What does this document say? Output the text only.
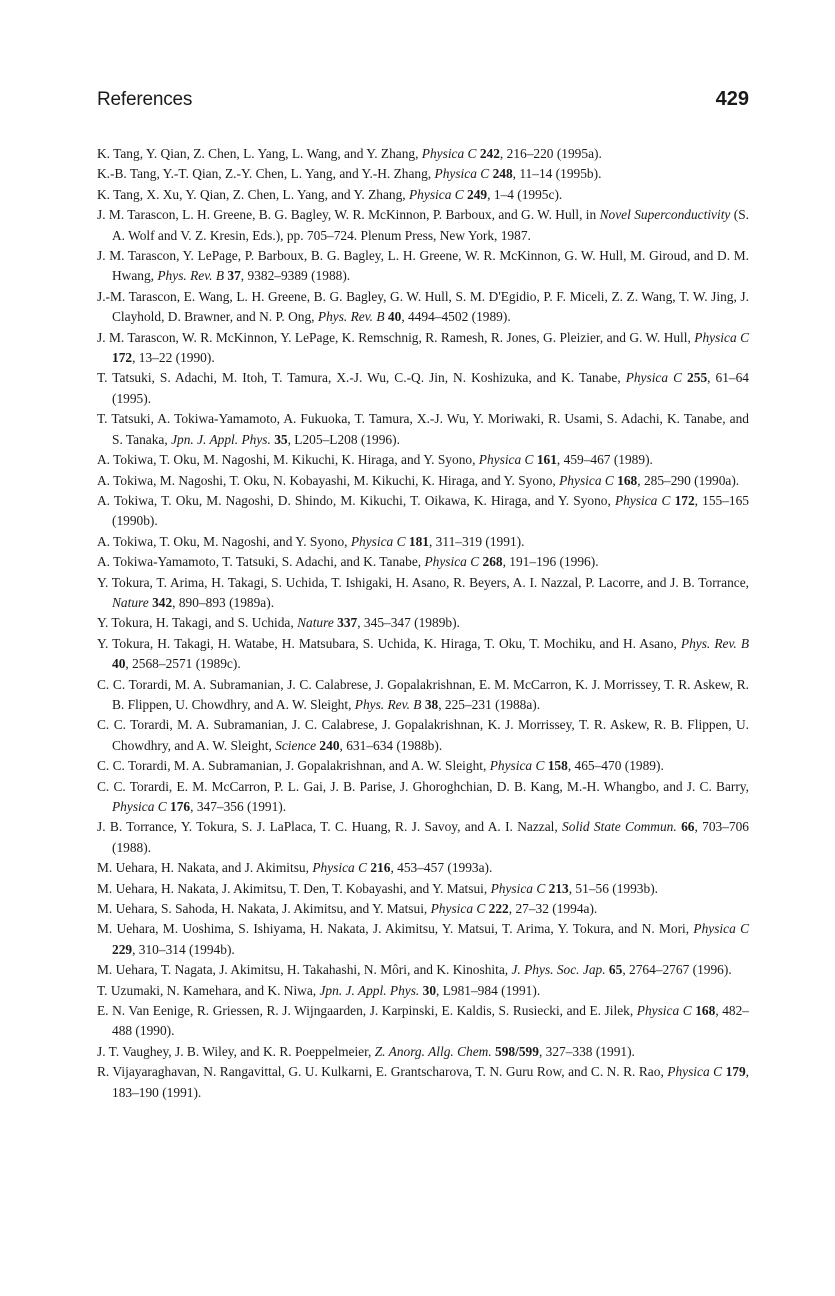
References	429
K. Tang, Y. Qian, Z. Chen, L. Yang, L. Wang, and Y. Zhang, Physica C 242, 216–220 (1995a).
K.-B. Tang, Y.-T. Qian, Z.-Y. Chen, L. Yang, and Y.-H. Zhang, Physica C 248, 11–14 (1995b).
K. Tang, X. Xu, Y. Qian, Z. Chen, L. Yang, and Y. Zhang, Physica C 249, 1–4 (1995c).
J. M. Tarascon, L. H. Greene, B. G. Bagley, W. R. McKinnon, P. Barboux, and G. W. Hull, in Novel Superconductivity (S. A. Wolf and V. Z. Kresin, Eds.), pp. 705–724. Plenum Press, New York, 1987.
J. M. Tarascon, Y. LePage, P. Barboux, B. G. Bagley, L. H. Greene, W. R. McKinnon, G. W. Hull, M. Giroud, and D. M. Hwang, Phys. Rev. B 37, 9382–9389 (1988).
J.-M. Tarascon, E. Wang, L. H. Greene, B. G. Bagley, G. W. Hull, S. M. D'Egidio, P. F. Miceli, Z. Z. Wang, T. W. Jing, J. Clayhold, D. Brawner, and N. P. Ong, Phys. Rev. B 40, 4494–4502 (1989).
J. M. Tarascon, W. R. McKinnon, Y. LePage, K. Remschnig, R. Ramesh, R. Jones, G. Pleizier, and G. W. Hull, Physica C 172, 13–22 (1990).
T. Tatsuki, S. Adachi, M. Itoh, T. Tamura, X.-J. Wu, C.-Q. Jin, N. Koshizuka, and K. Tanabe, Physica C 255, 61–64 (1995).
T. Tatsuki, A. Tokiwa-Yamamoto, A. Fukuoka, T. Tamura, X.-J. Wu, Y. Moriwaki, R. Usami, S. Adachi, K. Tanabe, and S. Tanaka, Jpn. J. Appl. Phys. 35, L205–L208 (1996).
A. Tokiwa, T. Oku, M. Nagoshi, M. Kikuchi, K. Hiraga, and Y. Syono, Physica C 161, 459–467 (1989).
A. Tokiwa, M. Nagoshi, T. Oku, N. Kobayashi, M. Kikuchi, K. Hiraga, and Y. Syono, Physica C 168, 285–290 (1990a).
A. Tokiwa, T. Oku, M. Nagoshi, D. Shindo, M. Kikuchi, T. Oikawa, K. Hiraga, and Y. Syono, Physica C 172, 155–165 (1990b).
A. Tokiwa, T. Oku, M. Nagoshi, and Y. Syono, Physica C 181, 311–319 (1991).
A. Tokiwa-Yamamoto, T. Tatsuki, S. Adachi, and K. Tanabe, Physica C 268, 191–196 (1996).
Y. Tokura, T. Arima, H. Takagi, S. Uchida, T. Ishigaki, H. Asano, R. Beyers, A. I. Nazzal, P. Lacorre, and J. B. Torrance, Nature 342, 890–893 (1989a).
Y. Tokura, H. Takagi, and S. Uchida, Nature 337, 345–347 (1989b).
Y. Tokura, H. Takagi, H. Watabe, H. Matsubara, S. Uchida, K. Hiraga, T. Oku, T. Mochiku, and H. Asano, Phys. Rev. B 40, 2568–2571 (1989c).
C. C. Torardi, M. A. Subramanian, J. C. Calabrese, J. Gopalakrishnan, E. M. McCarron, K. J. Morrissey, T. R. Askew, R. B. Flippen, U. Chowdhry, and A. W. Sleight, Phys. Rev. B 38, 225–231 (1988a).
C. C. Torardi, M. A. Subramanian, J. C. Calabrese, J. Gopalakrishnan, K. J. Morrissey, T. R. Askew, R. B. Flippen, U. Chowdhry, and A. W. Sleight, Science 240, 631–634 (1988b).
C. C. Torardi, M. A. Subramanian, J. Gopalakrishnan, and A. W. Sleight, Physica C 158, 465–470 (1989).
C. C. Torardi, E. M. McCarron, P. L. Gai, J. B. Parise, J. Ghoroghchian, D. B. Kang, M.-H. Whangbo, and J. C. Barry, Physica C 176, 347–356 (1991).
J. B. Torrance, Y. Tokura, S. J. LaPlaca, T. C. Huang, R. J. Savoy, and A. I. Nazzal, Solid State Commun. 66, 703–706 (1988).
M. Uehara, H. Nakata, and J. Akimitsu, Physica C 216, 453–457 (1993a).
M. Uehara, H. Nakata, J. Akimitsu, T. Den, T. Kobayashi, and Y. Matsui, Physica C 213, 51–56 (1993b).
M. Uehara, S. Sahoda, H. Nakata, J. Akimitsu, and Y. Matsui, Physica C 222, 27–32 (1994a).
M. Uehara, M. Uoshima, S. Ishiyama, H. Nakata, J. Akimitsu, Y. Matsui, T. Arima, Y. Tokura, and N. Mori, Physica C 229, 310–314 (1994b).
M. Uehara, T. Nagata, J. Akimitsu, H. Takahashi, N. Môri, and K. Kinoshita, J. Phys. Soc. Jap. 65, 2764–2767 (1996).
T. Uzumaki, N. Kamehara, and K. Niwa, Jpn. J. Appl. Phys. 30, L981–984 (1991).
E. N. Van Eenige, R. Griessen, R. J. Wijngaarden, J. Karpinski, E. Kaldis, S. Rusiecki, and E. Jilek, Physica C 168, 482–488 (1990).
J. T. Vaughey, J. B. Wiley, and K. R. Poeppelmeier, Z. Anorg. Allg. Chem. 598/599, 327–338 (1991).
R. Vijayaraghavan, N. Rangavittal, G. U. Kulkarni, E. Grantscharova, T. N. Guru Row, and C. N. R. Rao, Physica C 179, 183–190 (1991).
